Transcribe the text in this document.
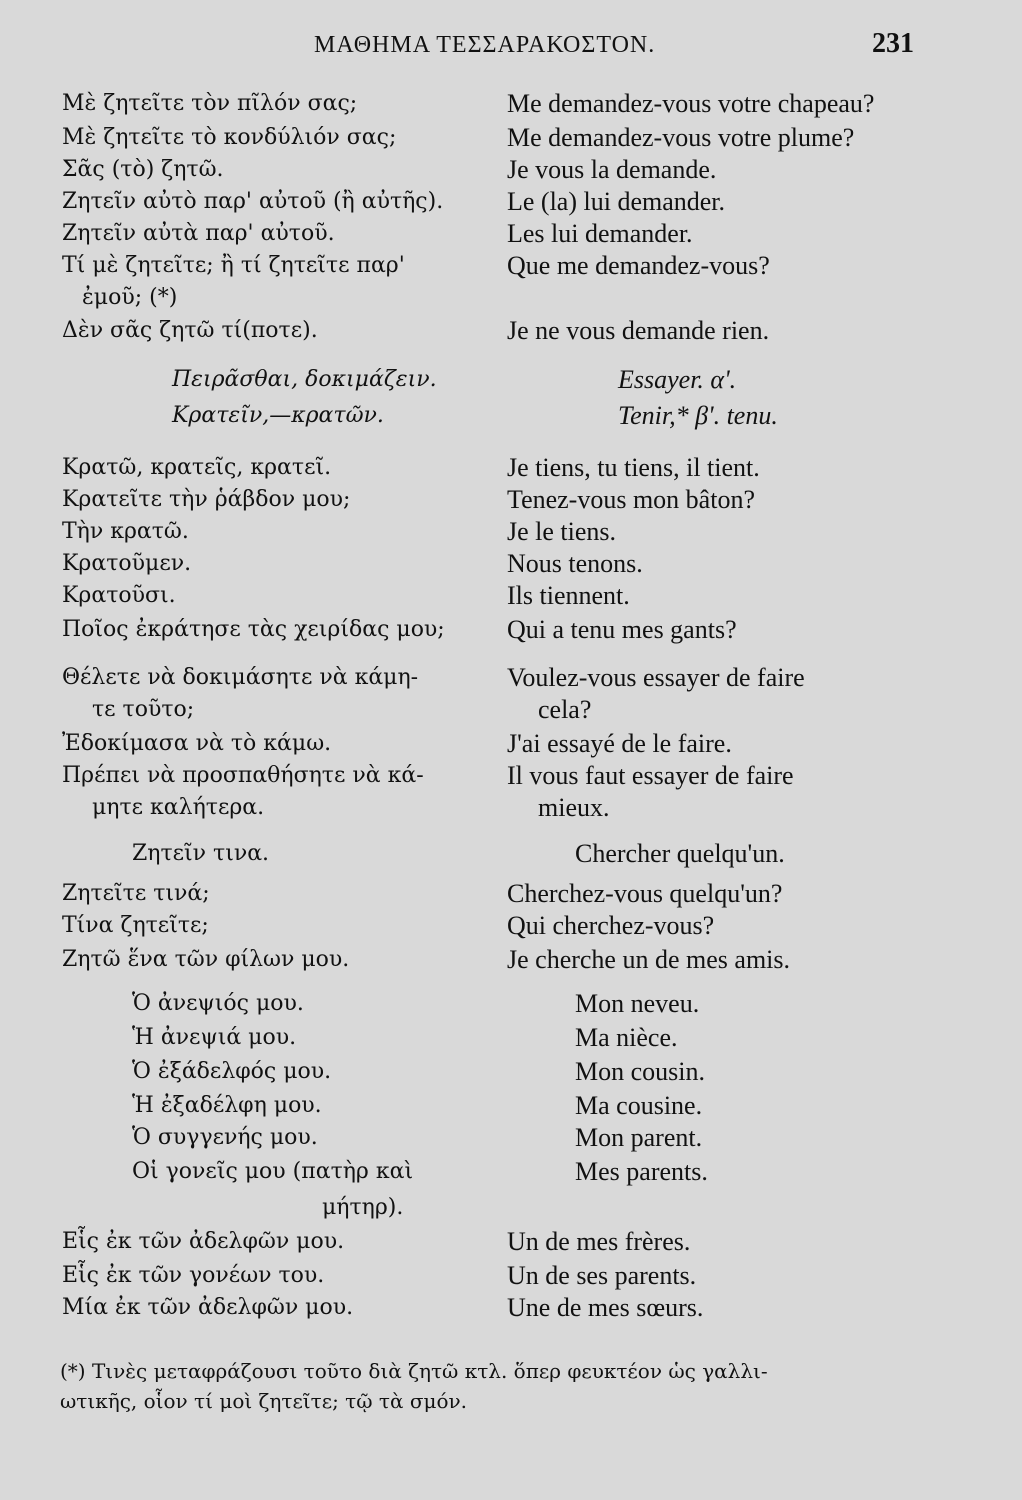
ΜΑΘΗΜΑ ΤΕΣΣΑΡΑΚΟΣΤΟΝ.	231
Μὲ ζητεῖτε τὸν πῖλόν σας;	Me demandez-vous votre chapeau?
Μὲ ζητεῖτε τὸ κονδύλιόν σας;	Me demandez-vous votre plume?
Σᾶς (τὸ) ζητῶ.	Je vous la demande.
Ζητεῖν αὐτὸ παρ' αὐτοῦ (ἢ αὐτῆς). Le (la) lui demander.
Ζητεῖν αὐτὰ παρ' αὐτοῦ.	Les lui demander.
Τί μὲ ζητεῖτε; ἢ τί ζητεῖτε παρ'	Que me demandez-vous?
ἐμοῦ; (*)
Δὲν σᾶς ζητῶ τί(ποτε).	Je ne vous demande rien.
Πειρᾶσθαι, δοκιμάζειν.	Essayer. α'.
Κρατεῖν,—κρατῶν.	Tenir,* β'. tenu.
Κρατῶ, κρατεῖς, κρατεῖ.	Je tiens, tu tiens, il tient.
Κρατεῖτε τὴν ῥάβδον μου;	Tenez-vous mon bâton?
Τὴν κρατῶ.	Je le tiens.
Κρατοῦμεν.	Nous tenons.
Κρατοῦσι.	Ils tiennent.
Ποῖος ἐκράτησε τὰς χειρίδας μου; Qui a tenu mes gants?
Θέλετε νὰ δοκιμάσητε νὰ κάμη-	Voulez-vous essayer de faire
τε τοῦτο;	cela?
Ἐδοκίμασα νὰ τὸ κάμω.	J'ai essayé de le faire.
Πρέπει νὰ προσπαθήσητε νὰ κά-	Il vous faut essayer de faire
μητε καλήτερα.	mieux.
Ζητεῖν τινα.	Chercher quelqu'un.
Ζητεῖτε τινά;	Cherchez-vous quelqu'un?
Τίνα ζητεῖτε;	Qui cherchez-vous?
Ζητῶ ἕνα τῶν φίλων μου.	Je cherche un de mes amis.
Ὁ ἀνεψιός μου.	Mon neveu.
Ἡ ἀνεψιά μου.	Ma nièce.
Ὁ ἐξάδελφός μου.	Mon cousin.
Ἡ ἐξαδέλφη μου.	Ma cousine.
Ὁ συγγενής μου.	Mon parent.
Οἱ γονεῖς μου (πατὴρ καὶ	Mes parents.
μήτηρ).
Εἷς ἐκ τῶν ἀδελφῶν μου.	Un de mes frères.
Εἷς ἐκ τῶν γονέων του.	Un de ses parents.
Μία ἐκ τῶν ἀδελφῶν μου.	Une de mes sœurs.
(*) Τινὲς μεταφράζουσι τοῦτο διὰ ζητῶ κτλ. ὅπερ φευκτέον ὡς γαλλι-
ωτικῆς, οἷον τί μοὶ ζητεῖτε; τῷ τὰ σμόν.
